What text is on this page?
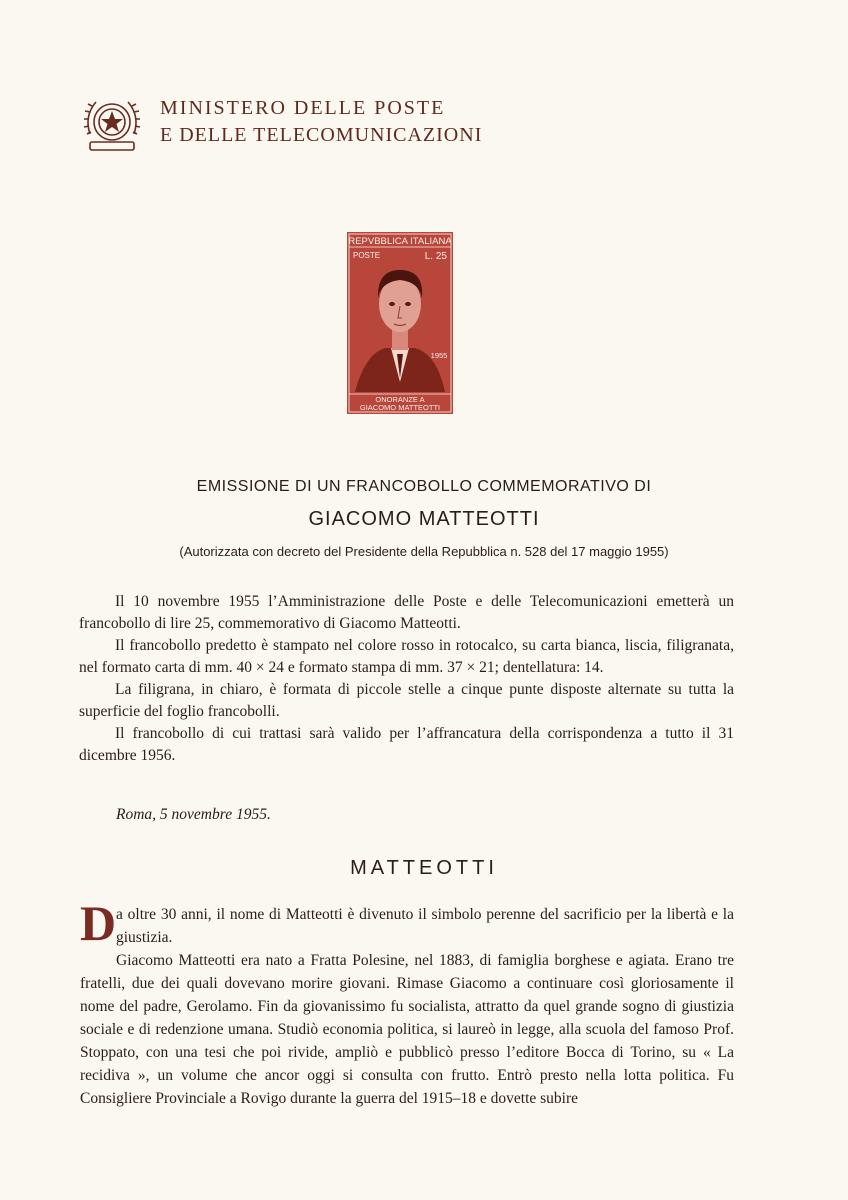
MINISTERO DELLE POSTE
E DELLE TELECOMUNICAZIONI
REPVBBLICA ITALIANA
POSTE	L. 25
1955
ONORANZE A
GIACOMO MATTEOTTI
EMISSIONE DI UN FRANCOBOLLO COMMEMORATIVO DI
GIACOMO MATTEOTTI
(Autorizzata con decreto del Presidente della Repubblica n. 528 del 17 maggio 1955)

Il 10 novembre 1955 l’Amministrazione delle Poste e delle Telecomunicazioni emetterà un francobollo di lire 25, commemorativo di Giacomo Matteotti.

Il francobollo predetto è stampato nel colore rosso in rotocalco, su carta bianca, liscia, filigranata, nel formato carta di mm. 40 × 24 e formato stampa di mm. 37 × 21; dentellatura: 14.

La filigrana, in chiaro, è formata di piccole stelle a cinque punte disposte alternate su tutta la superficie del foglio francobolli.

Il francobollo di cui trattasi sarà valido per l’affrancatura della corrispondenza a tutto il 31 dicembre 1956.

Roma, 5 novembre 1955.
MATTEOTTI
D a oltre 30 anni, il nome di Matteotti è divenuto il simbolo perenne del sacrificio per la libertà e la giustizia.

Giacomo Matteotti era nato a Fratta Polesine, nel 1883, di famiglia borghese e agiata. Erano tre fratelli, due dei quali dovevano morire giovani. Rimase Giacomo a continuare così gloriosamente il nome del padre, Gerolamo. Fin da giovanissimo fu socialista, attratto da quel grande sogno di giustizia sociale e di redenzione umana. Studiò economia politica, si laureò in legge, alla scuola del famoso Prof. Stoppato, con una tesi che poi rivide, ampliò e pubblicò presso l’editore Bocca di Torino, su « La recidiva », un volume che ancor oggi si consulta con frutto. Entrò presto nella lotta politica. Fu Consigliere Provinciale a Rovigo durante la guerra del 1915–18 e dovette subire
